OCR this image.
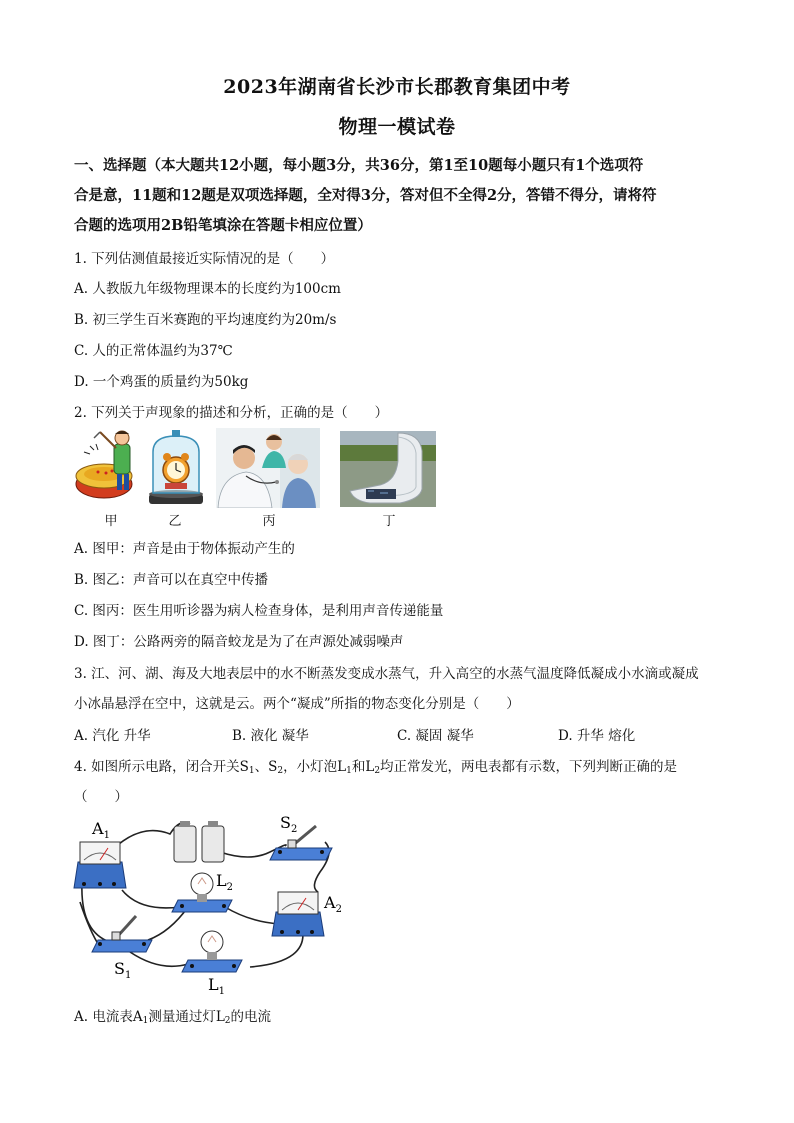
2023年湖南省长沙市长郡教育集团中考
物理一模试卷
一、选择题（本大题共12小题，每小题3分，共36分，第1至10题每小题只有1个选项符
合是意，11题和12题是双项选择题，全对得3分，答对但不全得2分，答错不得分，请将符
合题的选项用2B铅笔填涂在答题卡相应位置）
1. 下列估测值最接近实际情况的是（　　）
A. 人教版九年级物理课本的长度约为100cm
B. 初三学生百米赛跑的平均速度约为20m/s
C. 人的正常体温约为37℃
D. 一个鸡蛋的质量约为50kg
2. 下列关于声现象的描述和分析，正确的是（　　）
甲	乙	丙	丁
A. 图甲：声音是由于物体振动产生的
B. 图乙：声音可以在真空中传播
C. 图丙：医生用听诊器为病人检查身体，是利用声音传递能量
D. 图丁：公路两旁的隔音蛟龙是为了在声源处减弱噪声
3. 江、河、湖、海及大地表层中的水不断蒸发变成水蒸气，升入高空的水蒸气温度降低凝成小水滴或凝成
小冰晶悬浮在空中，这就是云。两个“凝成”所指的物态变化分别是（　　）
A. 汽化 升华	B. 液化 凝华	C. 凝固 凝华	D. 升华 熔化
4. 如图所示电路，闭合开关$S_1$、$S_2$，小灯泡$L_1$和$L_2$均正常发光，两电表都有示数，下列判断正确的是
（　　）
$A_1$
$S_2$
$L_2$
$A_2$
$S_1$	$L_1$
A. 电流表$A_1$测量通过灯$L_2$的电流
